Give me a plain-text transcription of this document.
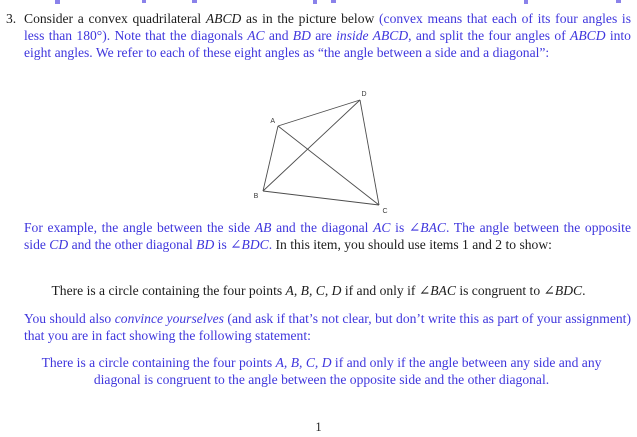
3. Consider a convex quadrilateral ABCD as in the picture below (convex means that each of its four angles is less than 180°). Note that the diagonals AC and BD are inside ABCD, and split the four angles of ABCD into eight angles. We refer to each of these eight angles as “the angle between a side and a diagonal”:
A
B
C
D
For example, the angle between the side AB and the diagonal AC is ∠BAC. The angle between the opposite side CD and the other diagonal BD is ∠BDC. In this item, you should use items 1 and 2 to show:
There is a circle containing the four points A, B, C, D if and only if ∠BAC is congruent to ∠BDC.
You should also convince yourselves (and ask if that’s not clear, but don’t write this as part of your assignment) that you are in fact showing the following statement:
There is a circle containing the four points A, B, C, D if and only if the angle between any side and any diagonal is congruent to the angle between the opposite side and the other diagonal.
1
